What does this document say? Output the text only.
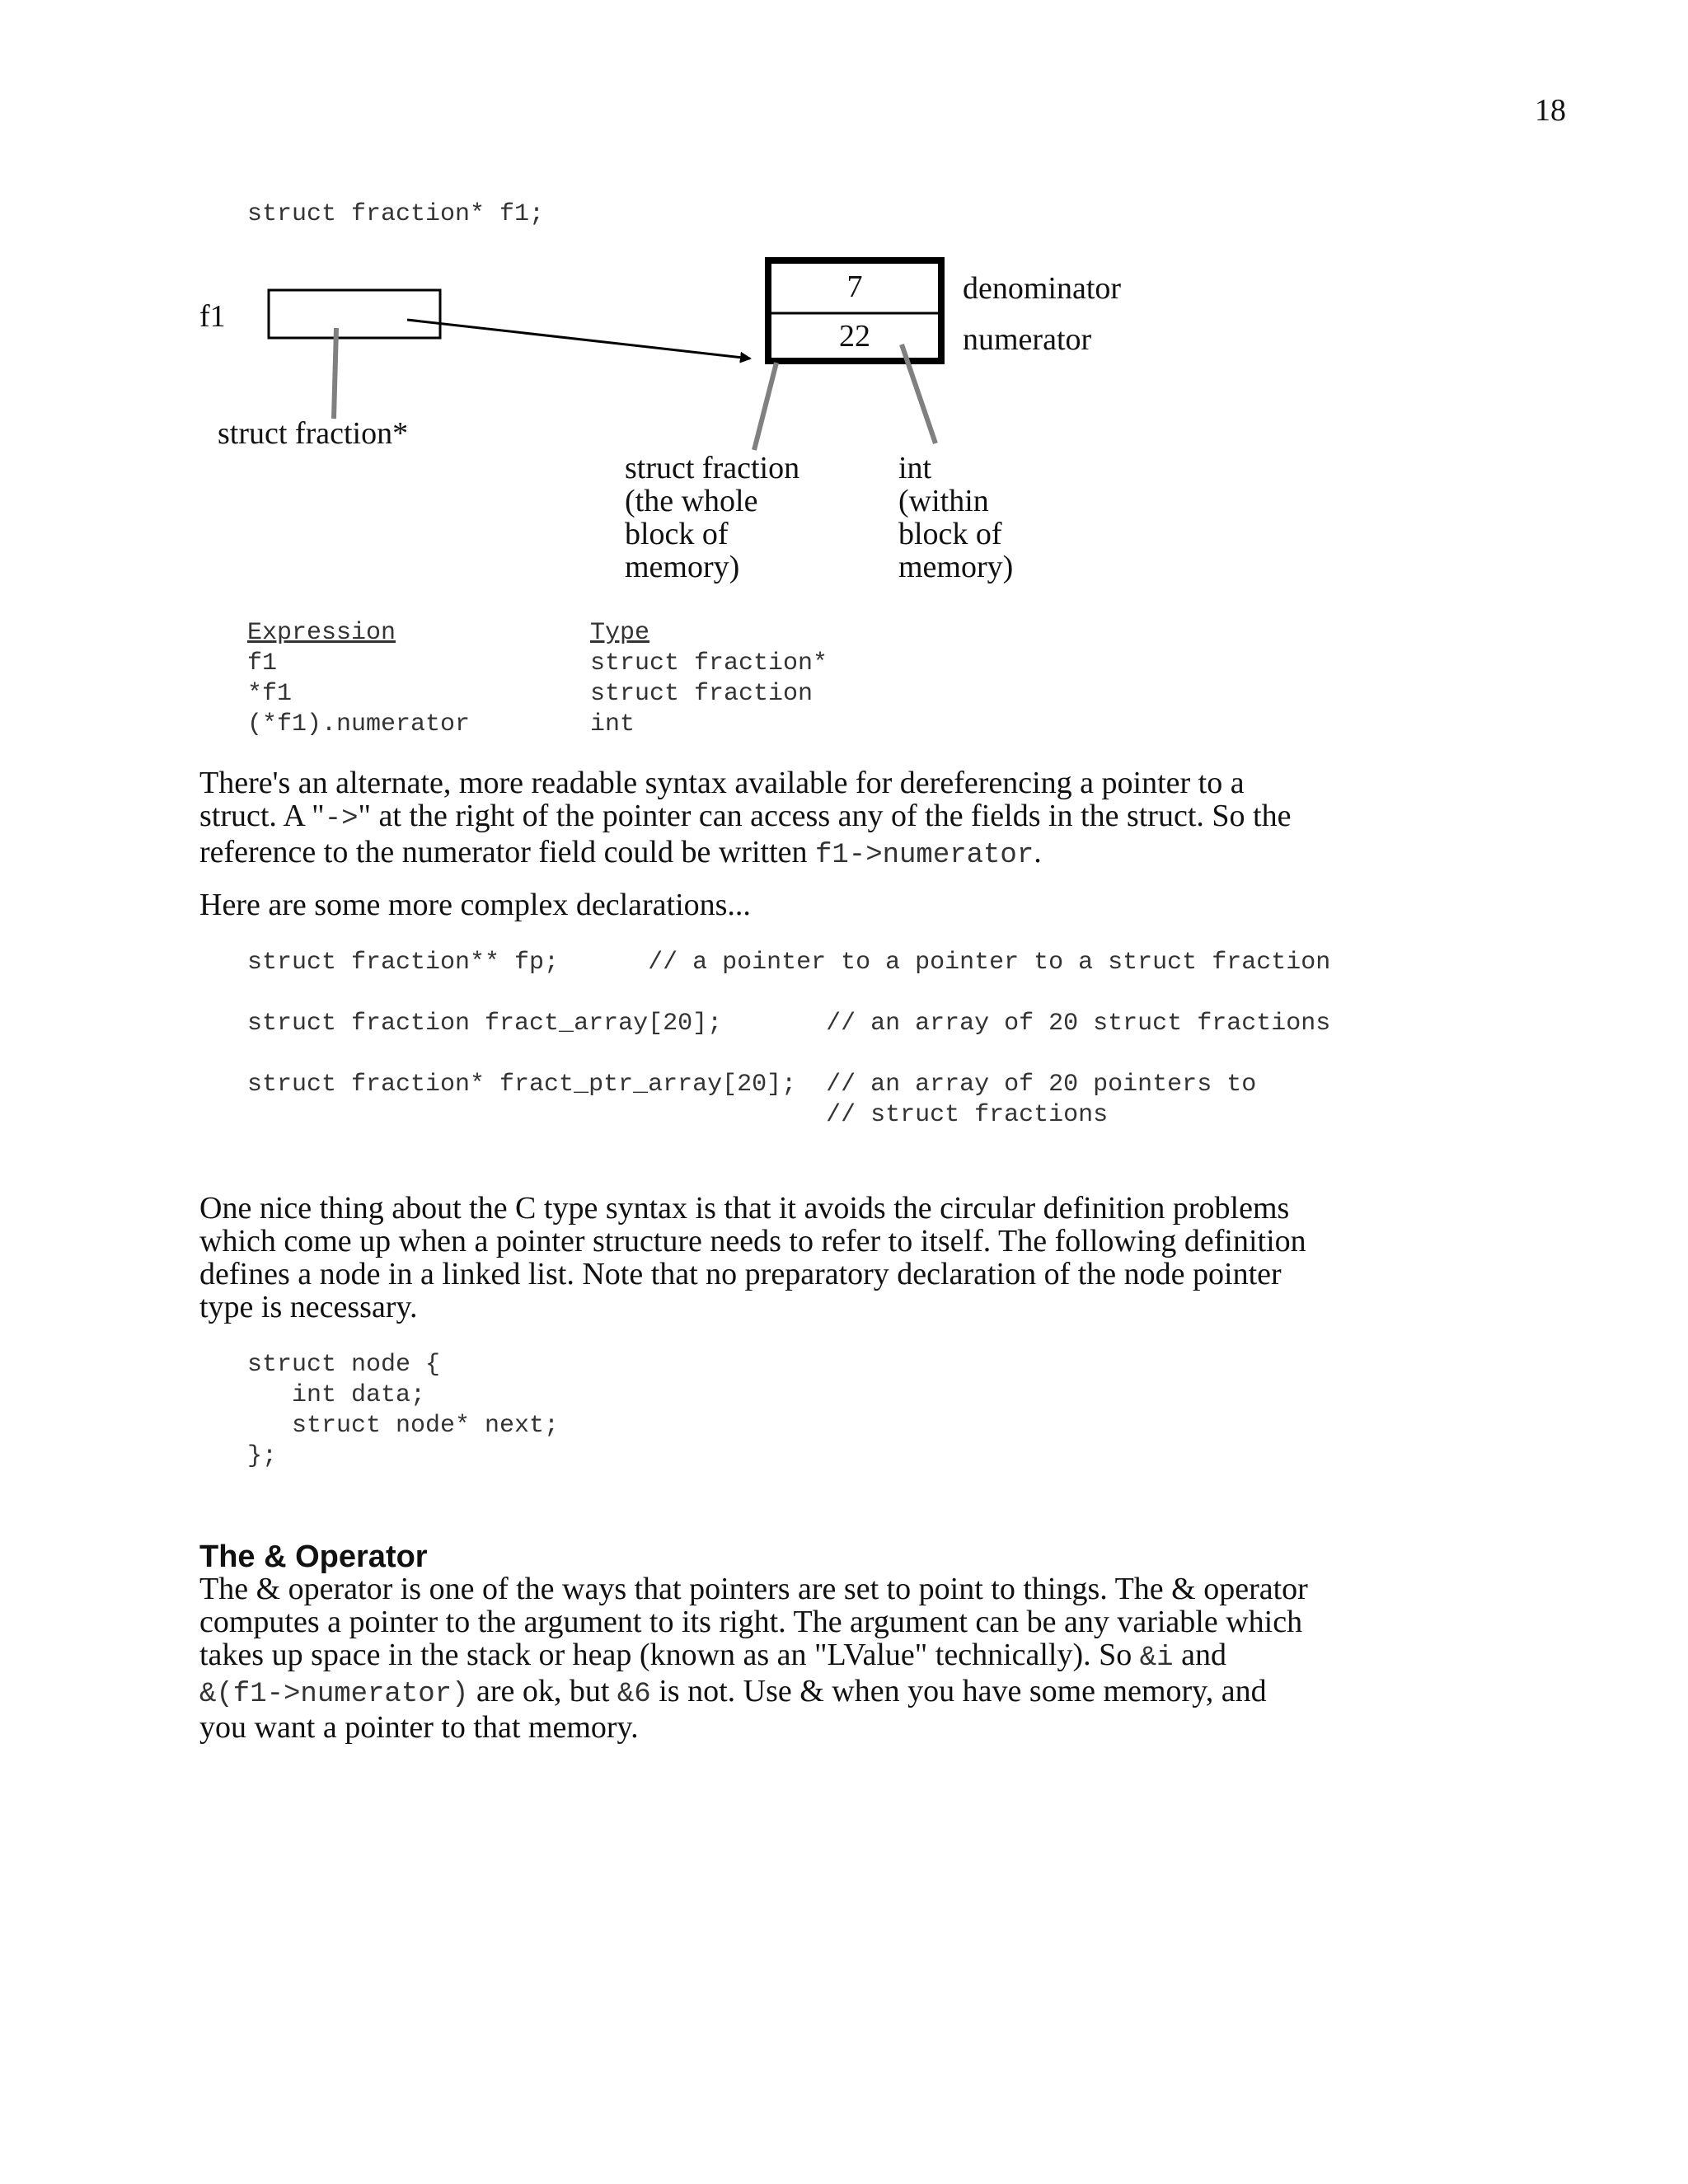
18
struct fraction* f1;
f1
struct fraction*
7
22
denominator
numerator
struct fraction
(the whole
block of
memory)
int
(within
block of
memory)
Expression
f1
*f1
(*f1).numerator
Type
struct fraction*
struct fraction
int
There's an alternate, more readable syntax available for dereferencing a pointer to a
struct. A "->" at the right of the pointer can access any of the fields in the struct. So the
reference to the numerator field could be written f1->numerator.
Here are some more complex declarations...
struct fraction** fp;      // a pointer to a pointer to a struct fraction

struct fraction fract_array[20];       // an array of 20 struct fractions

struct fraction* fract_ptr_array[20];  // an array of 20 pointers to
// struct fractions
One nice thing about the C type syntax is that it avoids the circular definition problems
which come up when a pointer structure needs to refer to itself. The following definition
defines a node in a linked list. Note that no preparatory declaration of the node pointer
type is necessary.
struct node {
int data;
struct node* next;
};
The & Operator
The & operator is one of the ways that pointers are set to point to things. The & operator
computes a pointer to the argument to its right. The argument can be any variable which
takes up space in the stack or heap (known as an "LValue" technically). So &i and
&(f1->numerator) are ok, but &6 is not. Use & when you have some memory, and
you want a pointer to that memory.
